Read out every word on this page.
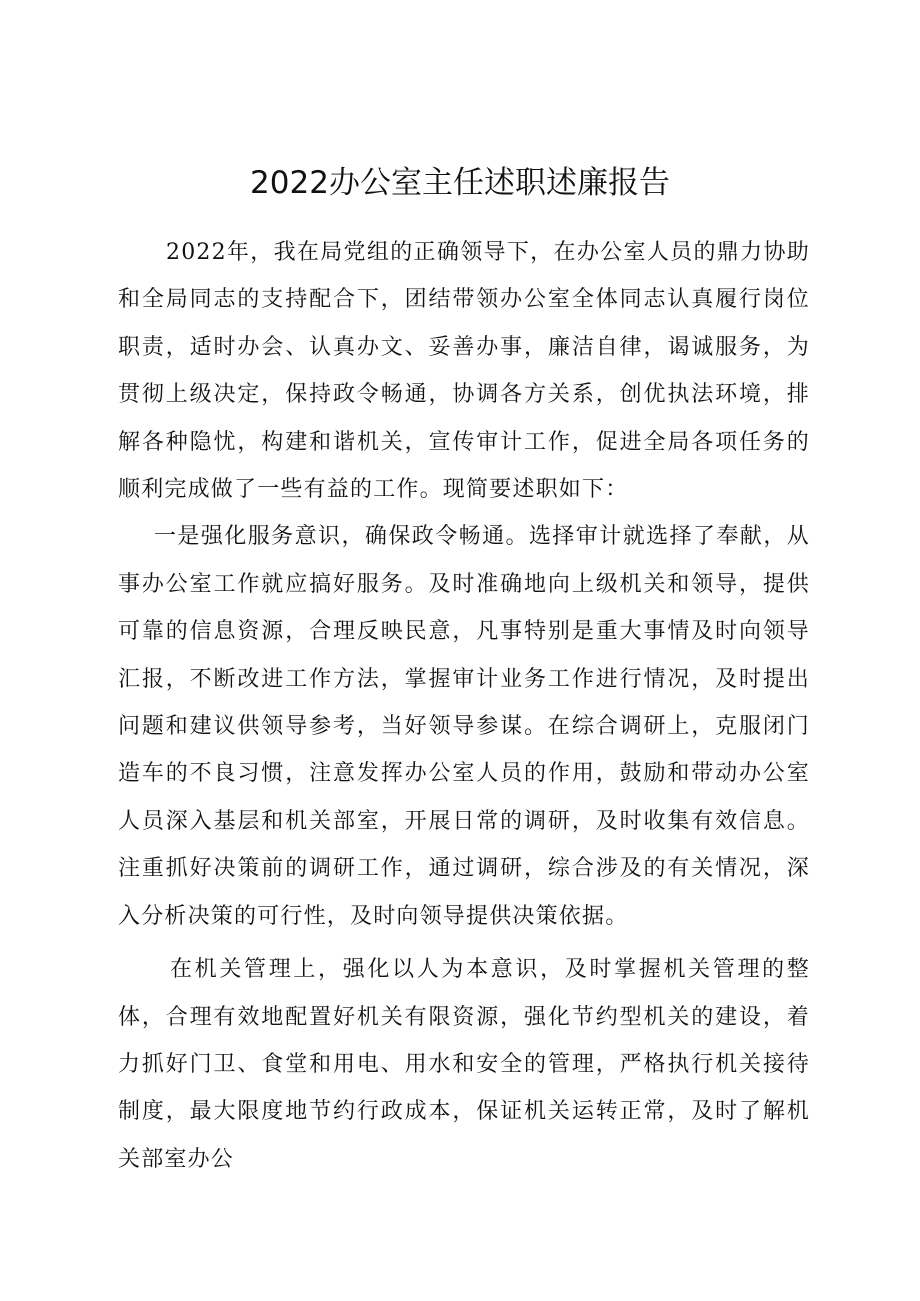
2022办公室主任述职述廉报告

2022年，我在局党组的正确领导下，在办公室人员的鼎力协助和全局同志的支持配合下，团结带领办公室全体同志认真履行岗位职责，适时办会、认真办文、妥善办事，廉洁自律，谒诚服务，为贯彻上级决定，保持政令畅通，协调各方关系，创优执法环境，排解各种隐忧，构建和谐机关，宣传审计工作，促进全局各项任务的顺利完成做了一些有益的工作。现简要述职如下：

一是强化服务意识，确保政令畅通。选择审计就选择了奉献，从事办公室工作就应搞好服务。及时准确地向上级机关和领导，提供可靠的信息资源，合理反映民意，凡事特别是重大事情及时向领导汇报，不断改进工作方法，掌握审计业务工作进行情况，及时提出问题和建议供领导参考，当好领导参谋。在综合调研上，克服闭门造车的不良习惯，注意发挥办公室人员的作用，鼓励和带动办公室人员深入基层和机关部室，开展日常的调研，及时收集有效信息。注重抓好决策前的调研工作，通过调研，综合涉及的有关情况，深入分析决策的可行性，及时向领导提供决策依据。

在机关管理上，强化以人为本意识，及时掌握机关管理的整体，合理有效地配置好机关有限资源，强化节约型机关的建设，着力抓好门卫、食堂和用电、用水和安全的管理，严格执行机关接待制度，最大限度地节约行政成本，保证机关运转正常，及时了解机关部室办公
